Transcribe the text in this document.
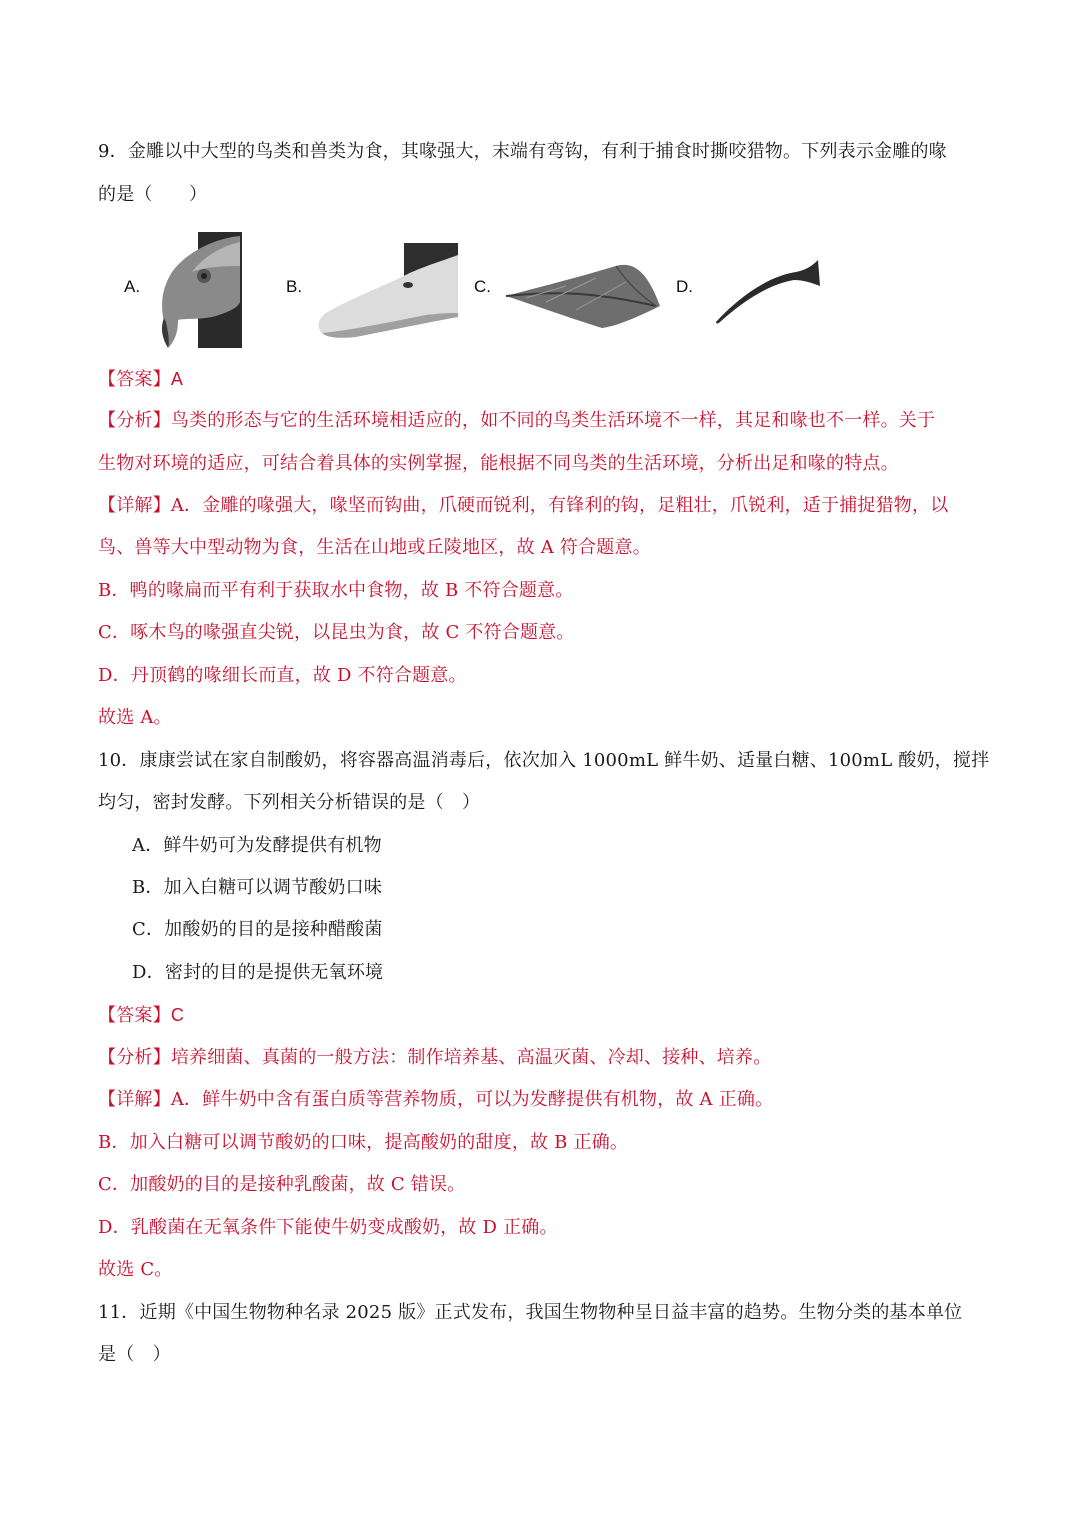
9．金雕以中大型的鸟类和兽类为食，其喙强大，末端有弯钩，有利于捕食时撕咬猎物。下列表示金雕的喙
的是（　　）
A.	B.	C.	D.
【答案】A
【分析】鸟类的形态与它的生活环境相适应的，如不同的鸟类生活环境不一样，其足和喙也不一样。关于
生物对环境的适应，可结合着具体的实例掌握，能根据不同鸟类的生活环境，分析出足和喙的特点。
【详解】A．金雕的喙强大，喙坚而钩曲，爪硬而锐利，有锋利的钩，足粗壮，爪锐利，适于捕捉猎物，以
鸟、兽等大中型动物为食，生活在山地或丘陵地区，故 A 符合题意。
B．鸭的喙扁而平有利于获取水中食物，故 B 不符合题意。
C．啄木鸟的喙强直尖锐，以昆虫为食，故 C 不符合题意。
D．丹顶鹤的喙细长而直，故 D 不符合题意。
故选 A。
10．康康尝试在家自制酸奶，将容器高温消毒后，依次加入 1000mL 鲜牛奶、适量白糖、100mL 酸奶，搅拌
均匀，密封发酵。下列相关分析错误的是（　）
A．鲜牛奶可为发酵提供有机物
B．加入白糖可以调节酸奶口味
C．加酸奶的目的是接种醋酸菌
D．密封的目的是提供无氧环境
【答案】C
【分析】培养细菌、真菌的一般方法：制作培养基、高温灭菌、冷却、接种、培养。
【详解】A．鲜牛奶中含有蛋白质等营养物质，可以为发酵提供有机物，故 A 正确。
B．加入白糖可以调节酸奶的口味，提高酸奶的甜度，故 B 正确。
C．加酸奶的目的是接种乳酸菌，故 C 错误。
D．乳酸菌在无氧条件下能使牛奶变成酸奶，故 D 正确。
故选 C。
11．近期《中国生物物种名录 2025 版》正式发布，我国生物物种呈日益丰富的趋势。生物分类的基本单位
是（　）
